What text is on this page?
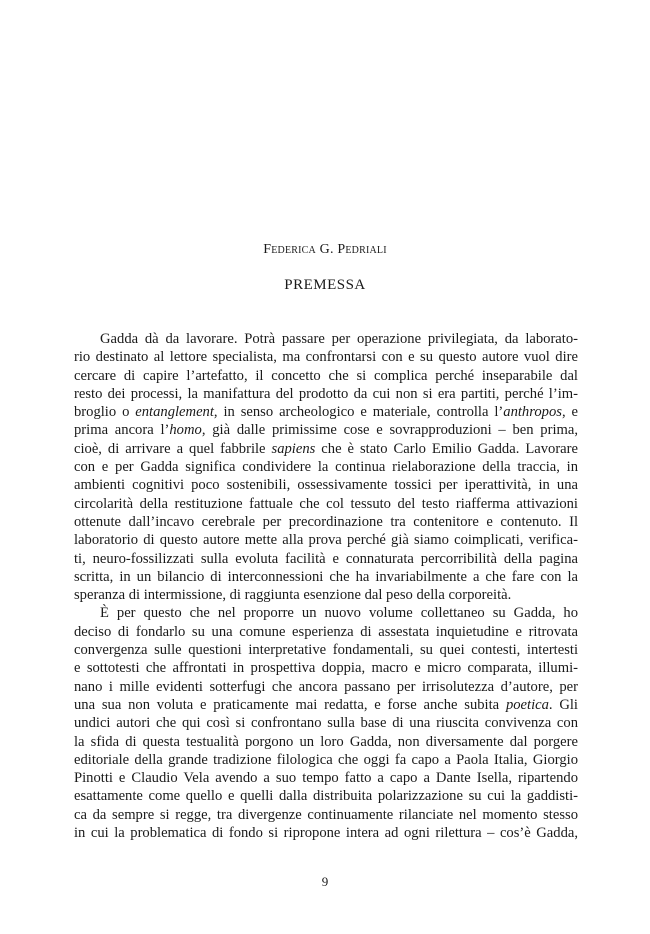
Federica G. Pedriali
PREMESSA
Gadda dà da lavorare. Potrà passare per operazione privilegiata, da laborato-
rio destinato al lettore specialista, ma confrontarsi con e su questo autore vuol dire
cercare di capire l’artefatto, il concetto che si complica perché inseparabile dal
resto dei processi, la manifattura del prodotto da cui non si era partiti, perché l’im-
broglio o entanglement, in senso archeologico e materiale, controlla l’anthropos, e
prima ancora l’homo, già dalle primissime cose e sovrapproduzioni – ben prima,
cioè, di arrivare a quel fabbrile sapiens che è stato Carlo Emilio Gadda. Lavorare
con e per Gadda significa condividere la continua rielaborazione della traccia, in
ambienti cognitivi poco sostenibili, ossessivamente tossici per iperattività, in una
circolarità della restituzione fattuale che col tessuto del testo riafferma attivazioni
ottenute dall’incavo cerebrale per precordinazione tra contenitore e contenuto. Il
laboratorio di questo autore mette alla prova perché già siamo coimplicati, verifica-
ti, neuro-fossilizzati sulla evoluta facilità e connaturata percorribilità della pagina
scritta, in un bilancio di interconnessioni che ha invariabilmente a che fare con la
speranza di intermissione, di raggiunta esenzione dal peso della corporeità.
È per questo che nel proporre un nuovo volume collettaneo su Gadda, ho
deciso di fondarlo su una comune esperienza di assestata inquietudine e ritrovata
convergenza sulle questioni interpretative fondamentali, su quei contesti, intertesti
e sottotesti che affrontati in prospettiva doppia, macro e micro comparata, illumi-
nano i mille evidenti sotterfugi che ancora passano per irrisolutezza d’autore, per
una sua non voluta e praticamente mai redatta, e forse anche subita poetica. Gli
undici autori che qui così si confrontano sulla base di una riuscita convivenza con
la sfida di questa testualità porgono un loro Gadda, non diversamente dal porgere
editoriale della grande tradizione filologica che oggi fa capo a Paola Italia, Giorgio
Pinotti e Claudio Vela avendo a suo tempo fatto a capo a Dante Isella, ripartendo
esattamente come quello e quelli dalla distribuita polarizzazione su cui la gaddisti-
ca da sempre si regge, tra divergenze continuamente rilanciate nel momento stesso
in cui la problematica di fondo si ripropone intera ad ogni rilettura – cos’è Gadda,
9
